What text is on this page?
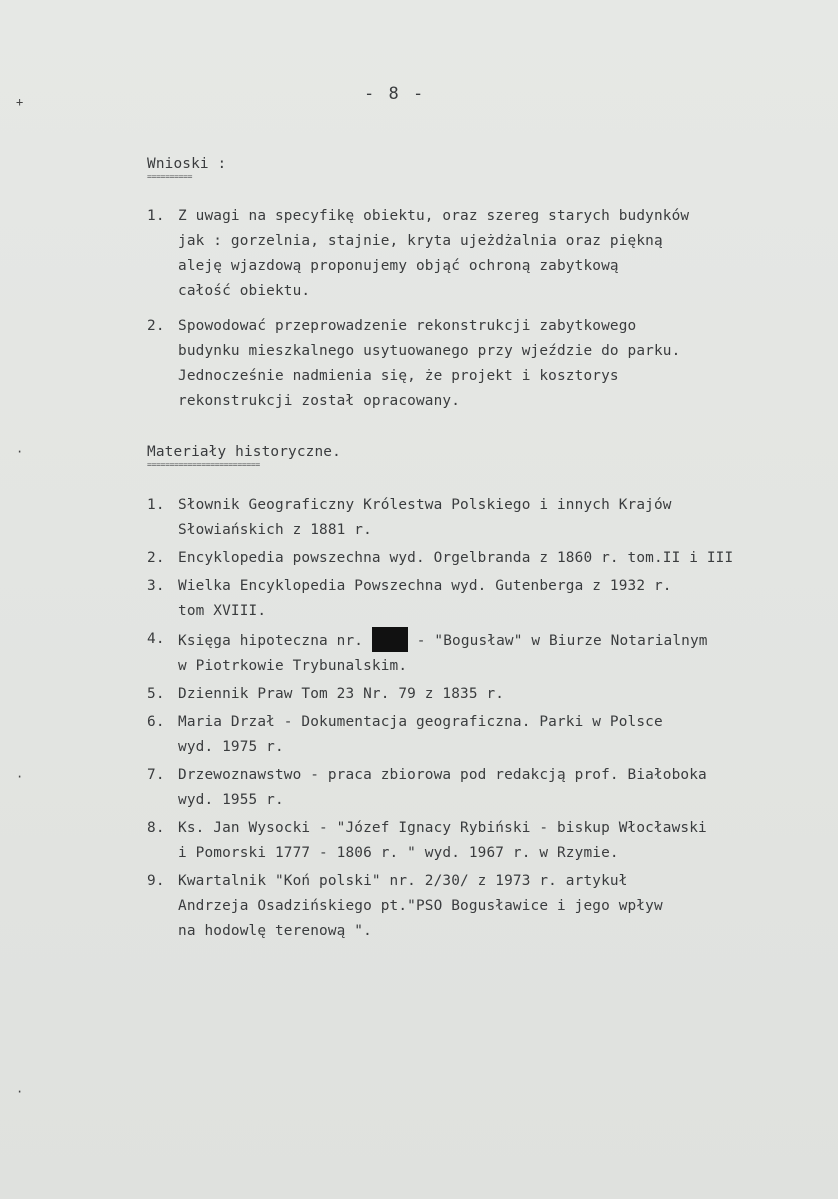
+
·
·
·
- 8 -
Wnioski :
==========
1. Z uwagi na specyfikę obiektu, oraz szereg starych budynków
jak : gorzelnia, stajnie, kryta ujeżdżalnia oraz piękną
aleję wjazdową proponujemy objąć ochroną zabytkową
całość obiektu.
2. Spowodować przeprowadzenie rekonstrukcji zabytkowego
budynku mieszkalnego usytuowanego przy wjeździe do parku.
Jednocześnie nadmienia się, że projekt i kosztorys
rekonstrukcji został opracowany.
Materiały historyczne.
=========================
1. Słownik Geograficzny Królestwa Polskiego i innych Krajów
Słowiańskich z 1881 r.
2. Encyklopedia powszechna wyd. Orgelbranda z 1860 r. tom.II i III
3. Wielka Encyklopedia Powszechna wyd. Gutenberga z 1932 r.
tom XVIII.
4. Księga hipoteczna nr.	- "Bogusław" w Biurze Notarialnym
w Piotrkowie Trybunalskim.
5. Dziennik Praw Tom 23 Nr. 79 z 1835 r.
6. Maria Drzał - Dokumentacja geograficzna. Parki w Polsce
wyd. 1975 r.
7. Drzewoznawstwo - praca zbiorowa pod redakcją prof. Białoboka
wyd. 1955 r.
8. Ks. Jan Wysocki - "Józef Ignacy Rybiński - biskup Włocławski
i Pomorski 1777 - 1806 r. " wyd. 1967 r. w Rzymie.
9. Kwartalnik "Koń polski" nr. 2/30/ z 1973 r. artykuł
Andrzeja Osadzińskiego pt."PSO Bogusławice i jego wpływ
na hodowlę terenową ".
